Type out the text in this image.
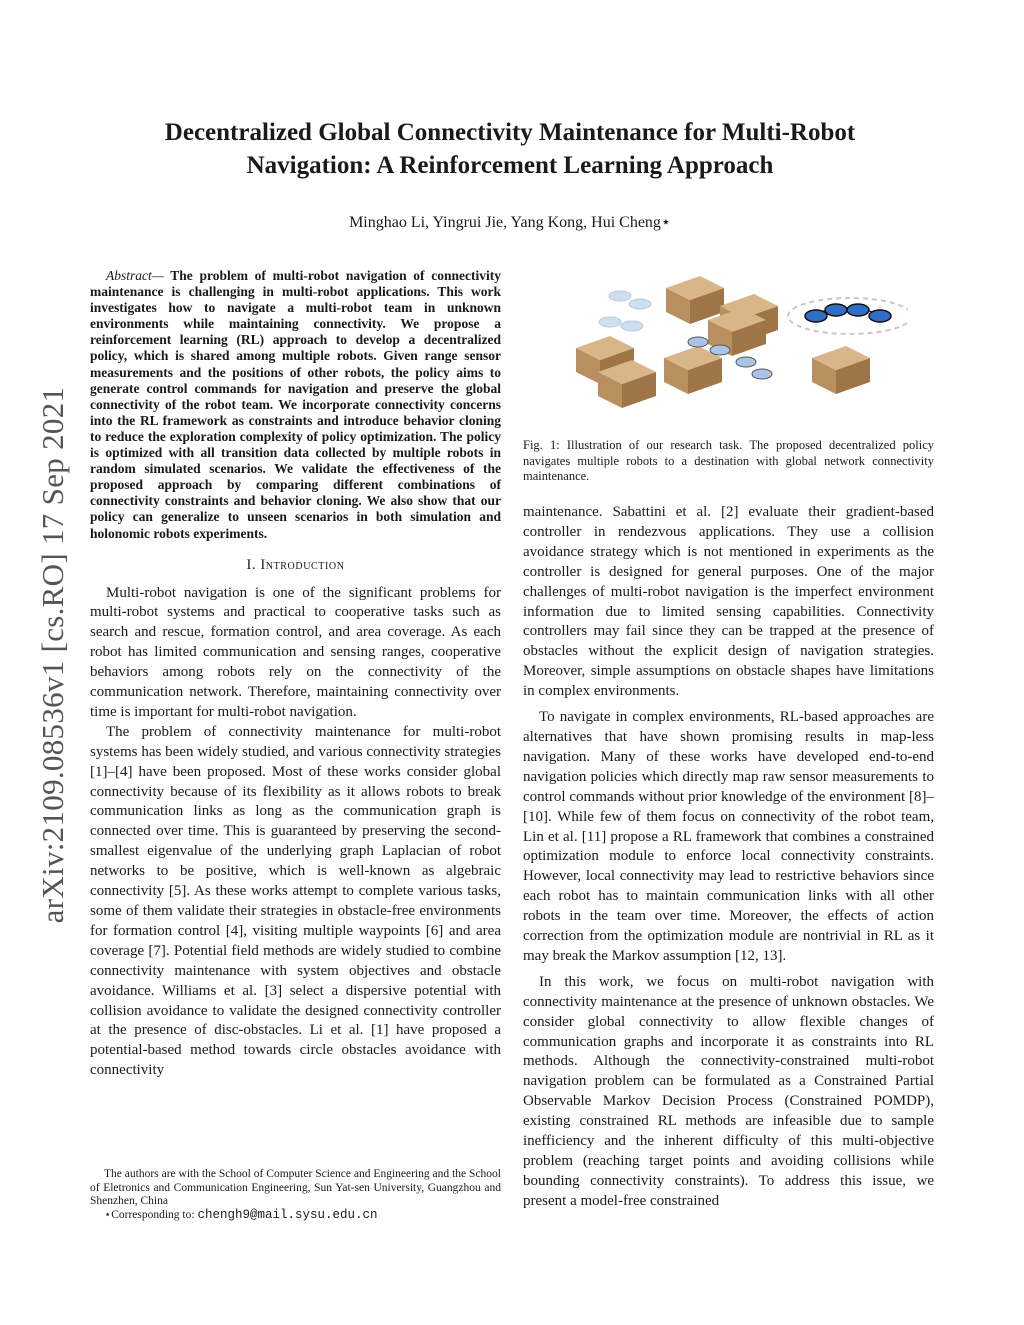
arXiv:2109.08536v1 [cs.RO] 17 Sep 2021
Decentralized Global Connectivity Maintenance for Multi-Robot
Navigation: A Reinforcement Learning Approach
Minghao Li, Yingrui Jie, Yang Kong, Hui Cheng⋆

Abstract— The problem of multi-robot navigation of connectivity maintenance is challenging in multi-robot applications. This work investigates how to navigate a multi-robot team in unknown environments while maintaining connectivity. We propose a reinforcement learning (RL) approach to develop a decentralized policy, which is shared among multiple robots. Given range sensor measurements and the positions of other robots, the policy aims to generate control commands for navigation and preserve the global connectivity of the robot team. We incorporate connectivity concerns into the RL framework as constraints and introduce behavior cloning to reduce the exploration complexity of policy optimization. The policy is optimized with all transition data collected by multiple robots in random simulated scenarios. We validate the effectiveness of the proposed approach by comparing different combinations of connectivity constraints and behavior cloning. We also show that our policy can generalize to unseen scenarios in both simulation and holonomic robots experiments.

I. Introduction

Multi-robot navigation is one of the significant problems for multi-robot systems and practical to cooperative tasks such as search and rescue, formation control, and area coverage. As each robot has limited communication and sensing ranges, cooperative behaviors among robots rely on the connectivity of the communication network. Therefore, maintaining connectivity over time is important for multi-robot navigation.

The problem of connectivity maintenance for multi-robot systems has been widely studied, and various connectivity strategies [1]–[4] have been proposed. Most of these works consider global connectivity because of its flexibility as it allows robots to break communication links as long as the communication graph is connected over time. This is guaranteed by preserving the second-smallest eigenvalue of the underlying graph Laplacian of robot networks to be positive, which is well-known as algebraic connectivity [5]. As these works attempt to complete various tasks, some of them validate their strategies in obstacle-free environments for formation control [4], visiting multiple waypoints [6] and area coverage [7]. Potential field methods are widely studied to combine connectivity maintenance with system objectives and obstacle avoidance. Williams et al. [3] select a dispersive potential with collision avoidance to validate the designed connectivity controller at the presence of disc-obstacles. Li et al. [1] have proposed a potential-based method towards circle obstacles avoidance with connectivity

The authors are with the School of Computer Science and Engineering and the School of Eletronics and Communication Engineering, Sun Yat-sen University, Guangzhou and Shenzhen, China

⋆Corresponding to: chengh9@mail.sysu.edu.cn

Fig. 1: Illustration of our research task. The proposed decentralized policy navigates multiple robots to a destination with global network connectivity maintenance.

maintenance. Sabattini et al. [2] evaluate their gradient-based controller in rendezvous applications. They use a collision avoidance strategy which is not mentioned in experiments as the controller is designed for general purposes. One of the major challenges of multi-robot navigation is the imperfect environment information due to limited sensing capabilities. Connectivity controllers may fail since they can be trapped at the presence of obstacles without the explicit design of navigation strategies. Moreover, simple assumptions on obstacle shapes have limitations in complex environments.

To navigate in complex environments, RL-based approaches are alternatives that have shown promising results in map-less navigation. Many of these works have developed end-to-end navigation policies which directly map raw sensor measurements to control commands without prior knowledge of the environment [8]–[10]. While few of them focus on connectivity of the robot team, Lin et al. [11] propose a RL framework that combines a constrained optimization module to enforce local connectivity constraints. However, local connectivity may lead to restrictive behaviors since each robot has to maintain communication links with all other robots in the team over time. Moreover, the effects of action correction from the optimization module are nontrivial in RL as it may break the Markov assumption [12, 13].

In this work, we focus on multi-robot navigation with connectivity maintenance at the presence of unknown obstacles. We consider global connectivity to allow flexible changes of communication graphs and incorporate it as constraints into RL methods. Although the connectivity-constrained multi-robot navigation problem can be formulated as a Constrained Partial Observable Markov Decision Process (Constrained POMDP), existing constrained RL methods are infeasible due to sample inefficiency and the inherent difficulty of this multi-objective problem (reaching target points and avoiding collisions while bounding connectivity constraints). To address this issue, we present a model-free constrained
